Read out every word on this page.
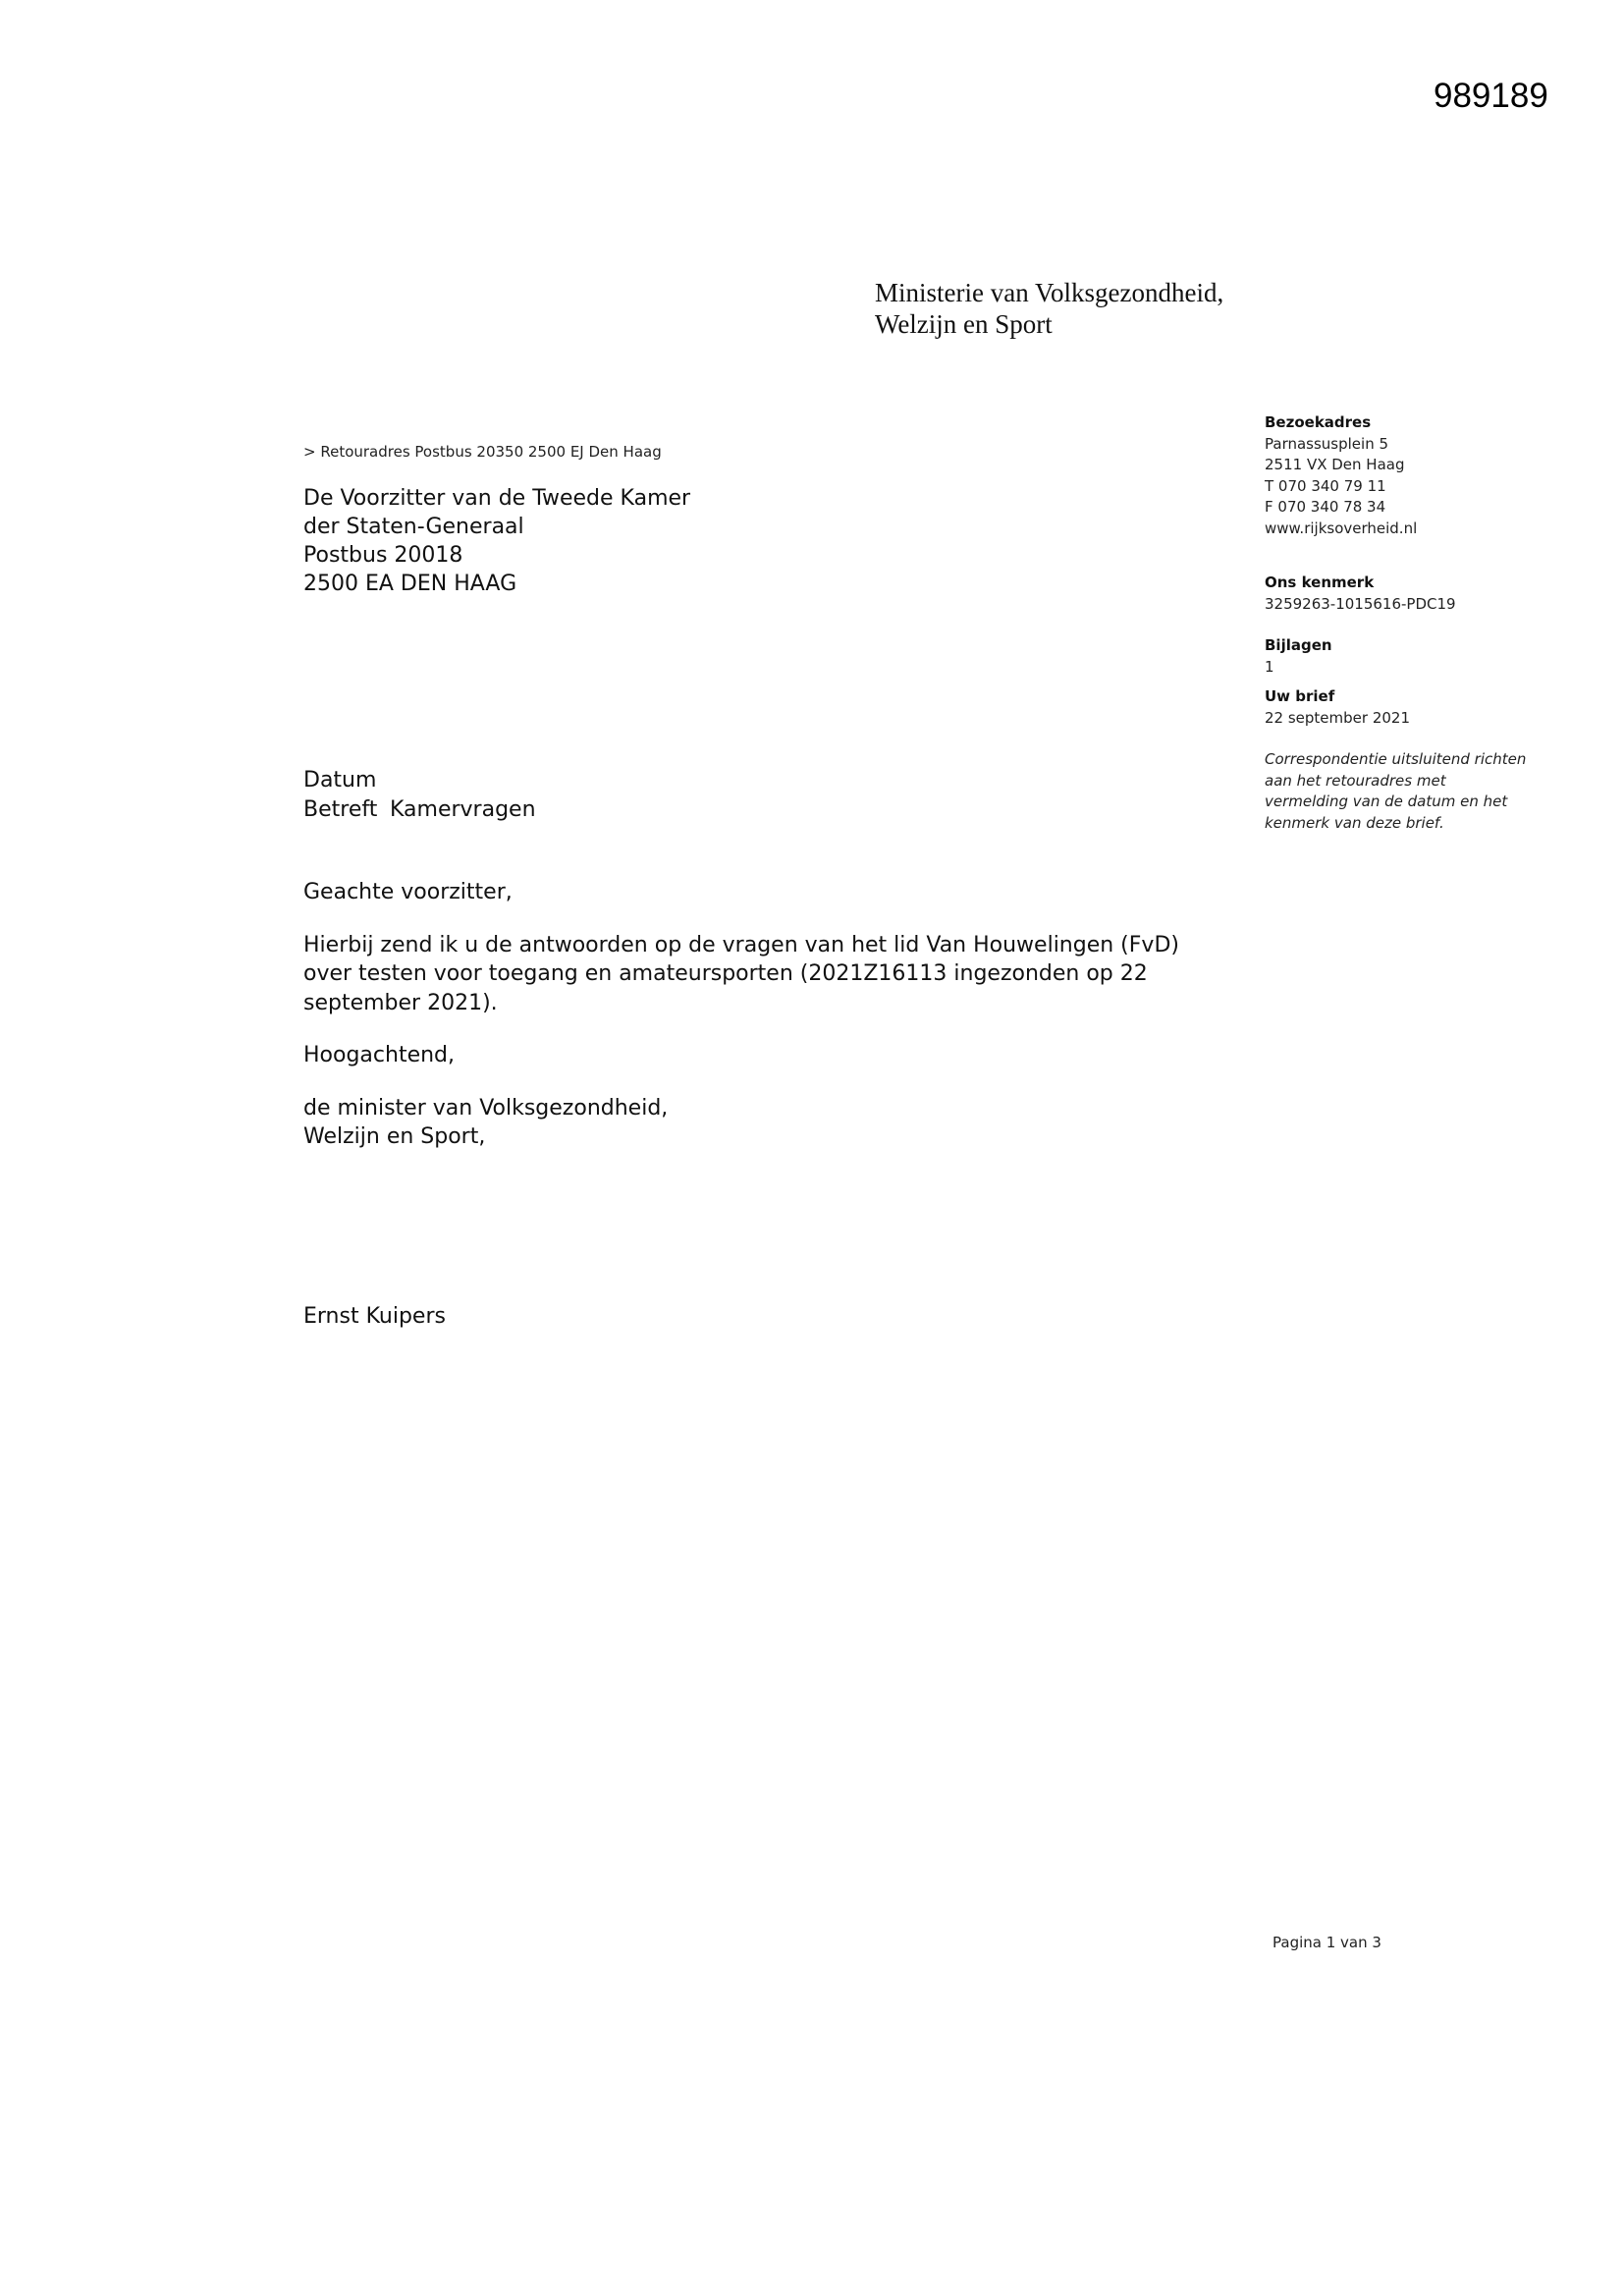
989189
Ministerie van Volksgezondheid,
Welzijn en Sport
> Retouradres Postbus 20350 2500 EJ Den Haag
De Voorzitter van de Tweede Kamer
der Staten-Generaal
Postbus 20018
2500 EA DEN HAAG
Bezoekadres
Parnassusplein 5
2511 VX Den Haag
T 070 340 79 11
F 070 340 78 34
www.rijksoverheid.nl
Ons kenmerk
3259263-1015616-PDC19
Bijlagen
1
Uw brief
22 september 2021
Correspondentie uitsluitend richten aan het retouradres met vermelding van de datum en het kenmerk van deze brief.
Datum
Betreft Kamervragen

Geachte voorzitter,

Hierbij zend ik u de antwoorden op de vragen van het lid Van Houwelingen (FvD)
over testen voor toegang en amateursporten (2021Z16113 ingezonden op 22
september 2021).

Hoogachtend,

de minister van Volksgezondheid,
Welzijn en Sport,

Ernst Kuipers
Pagina 1 van 3
